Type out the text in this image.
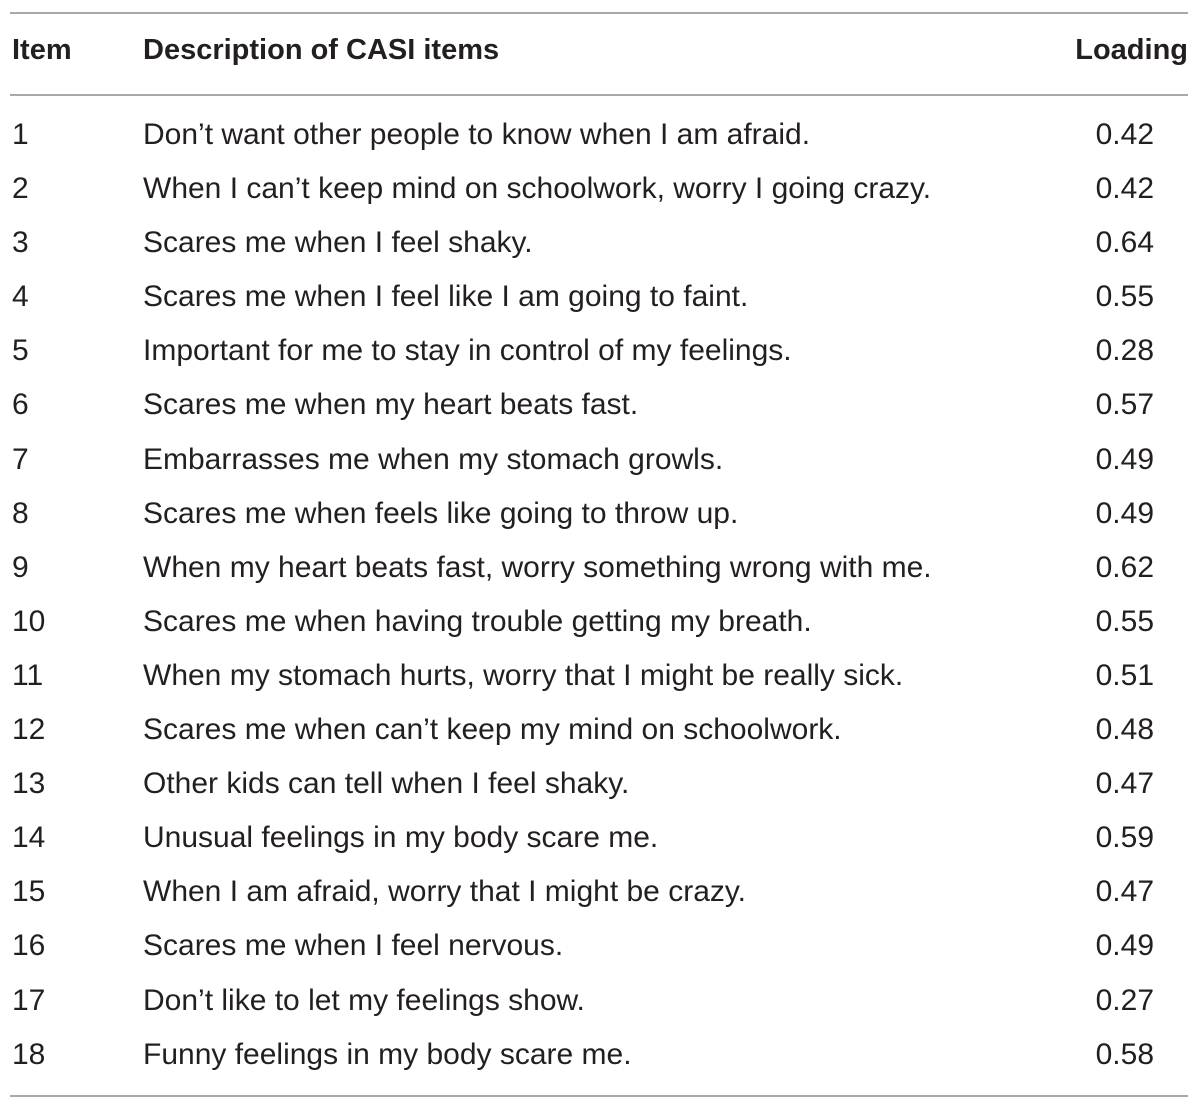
Item Description of CASI items	Loading
1	Don’t want other people to know when I am afraid.	0.42
2	When I can’t keep mind on schoolwork, worry I going crazy.	0.42
3	Scares me when I feel shaky.	0.64
4	Scares me when I feel like I am going to faint.	0.55
5	Important for me to stay in control of my feelings.	0.28
6	Scares me when my heart beats fast.	0.57
7	Embarrasses me when my stomach growls.	0.49
8	Scares me when feels like going to throw up.	0.49
9	When my heart beats fast, worry something wrong with me.	0.62
10	Scares me when having trouble getting my breath.	0.55
11	When my stomach hurts, worry that I might be really sick.	0.51
12	Scares me when can’t keep my mind on schoolwork.	0.48
13	Other kids can tell when I feel shaky.	0.47
14	Unusual feelings in my body scare me.	0.59
15	When I am afraid, worry that I might be crazy.	0.47
16	Scares me when I feel nervous.	0.49
17	Don’t like to let my feelings show.	0.27
18	Funny feelings in my body scare me.	0.58
